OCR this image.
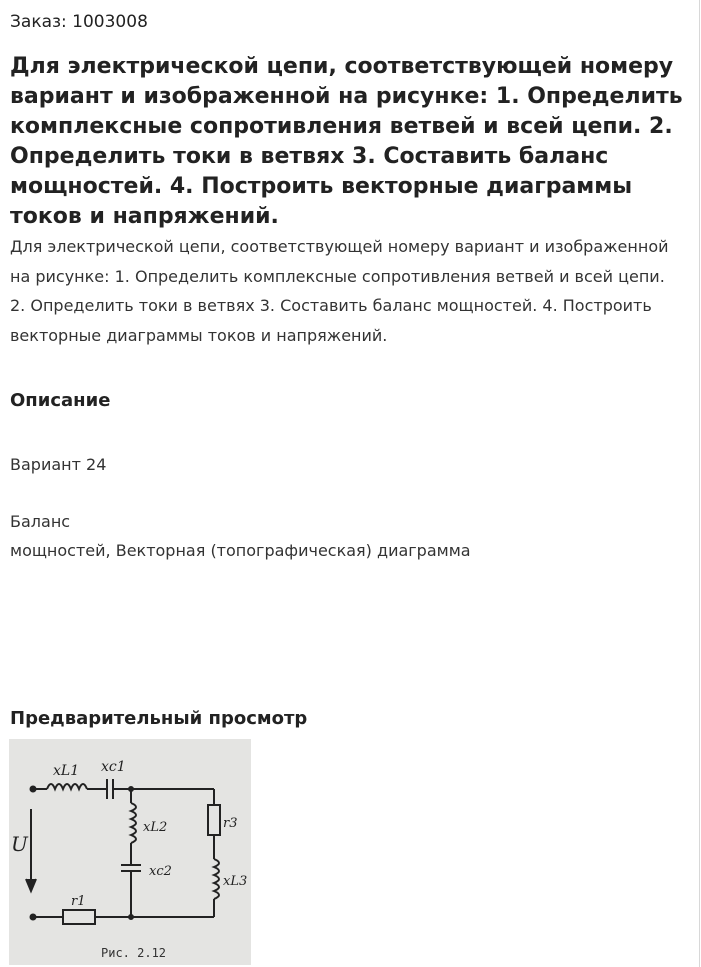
Заказ: 1003008
Для электрической цепи, соответствующей номеру вариант и изображенной на рисунке: 1. Определить комплексные сопротивления ветвей и всей цепи. 2. Определить токи в ветвях 3. Составить баланс мощностей. 4. Построить векторные диаграммы токов и напряжений.

Для электрической цепи, соответствующей номеру вариант и изображенной на рисунке: 1. Определить комплексные сопротивления ветвей и всей цепи. 2. Определить токи в ветвях 3. Составить баланс мощностей. 4. Построить векторные диаграммы токов и напряжений.

Описание

Вариант 24

Баланс

мощностей, Векторная (топографическая) диаграмма

Предварительный просмотр
xL1 xc1
xL2
xc2
r3
xL3
r1
U
Рис. 2.12
